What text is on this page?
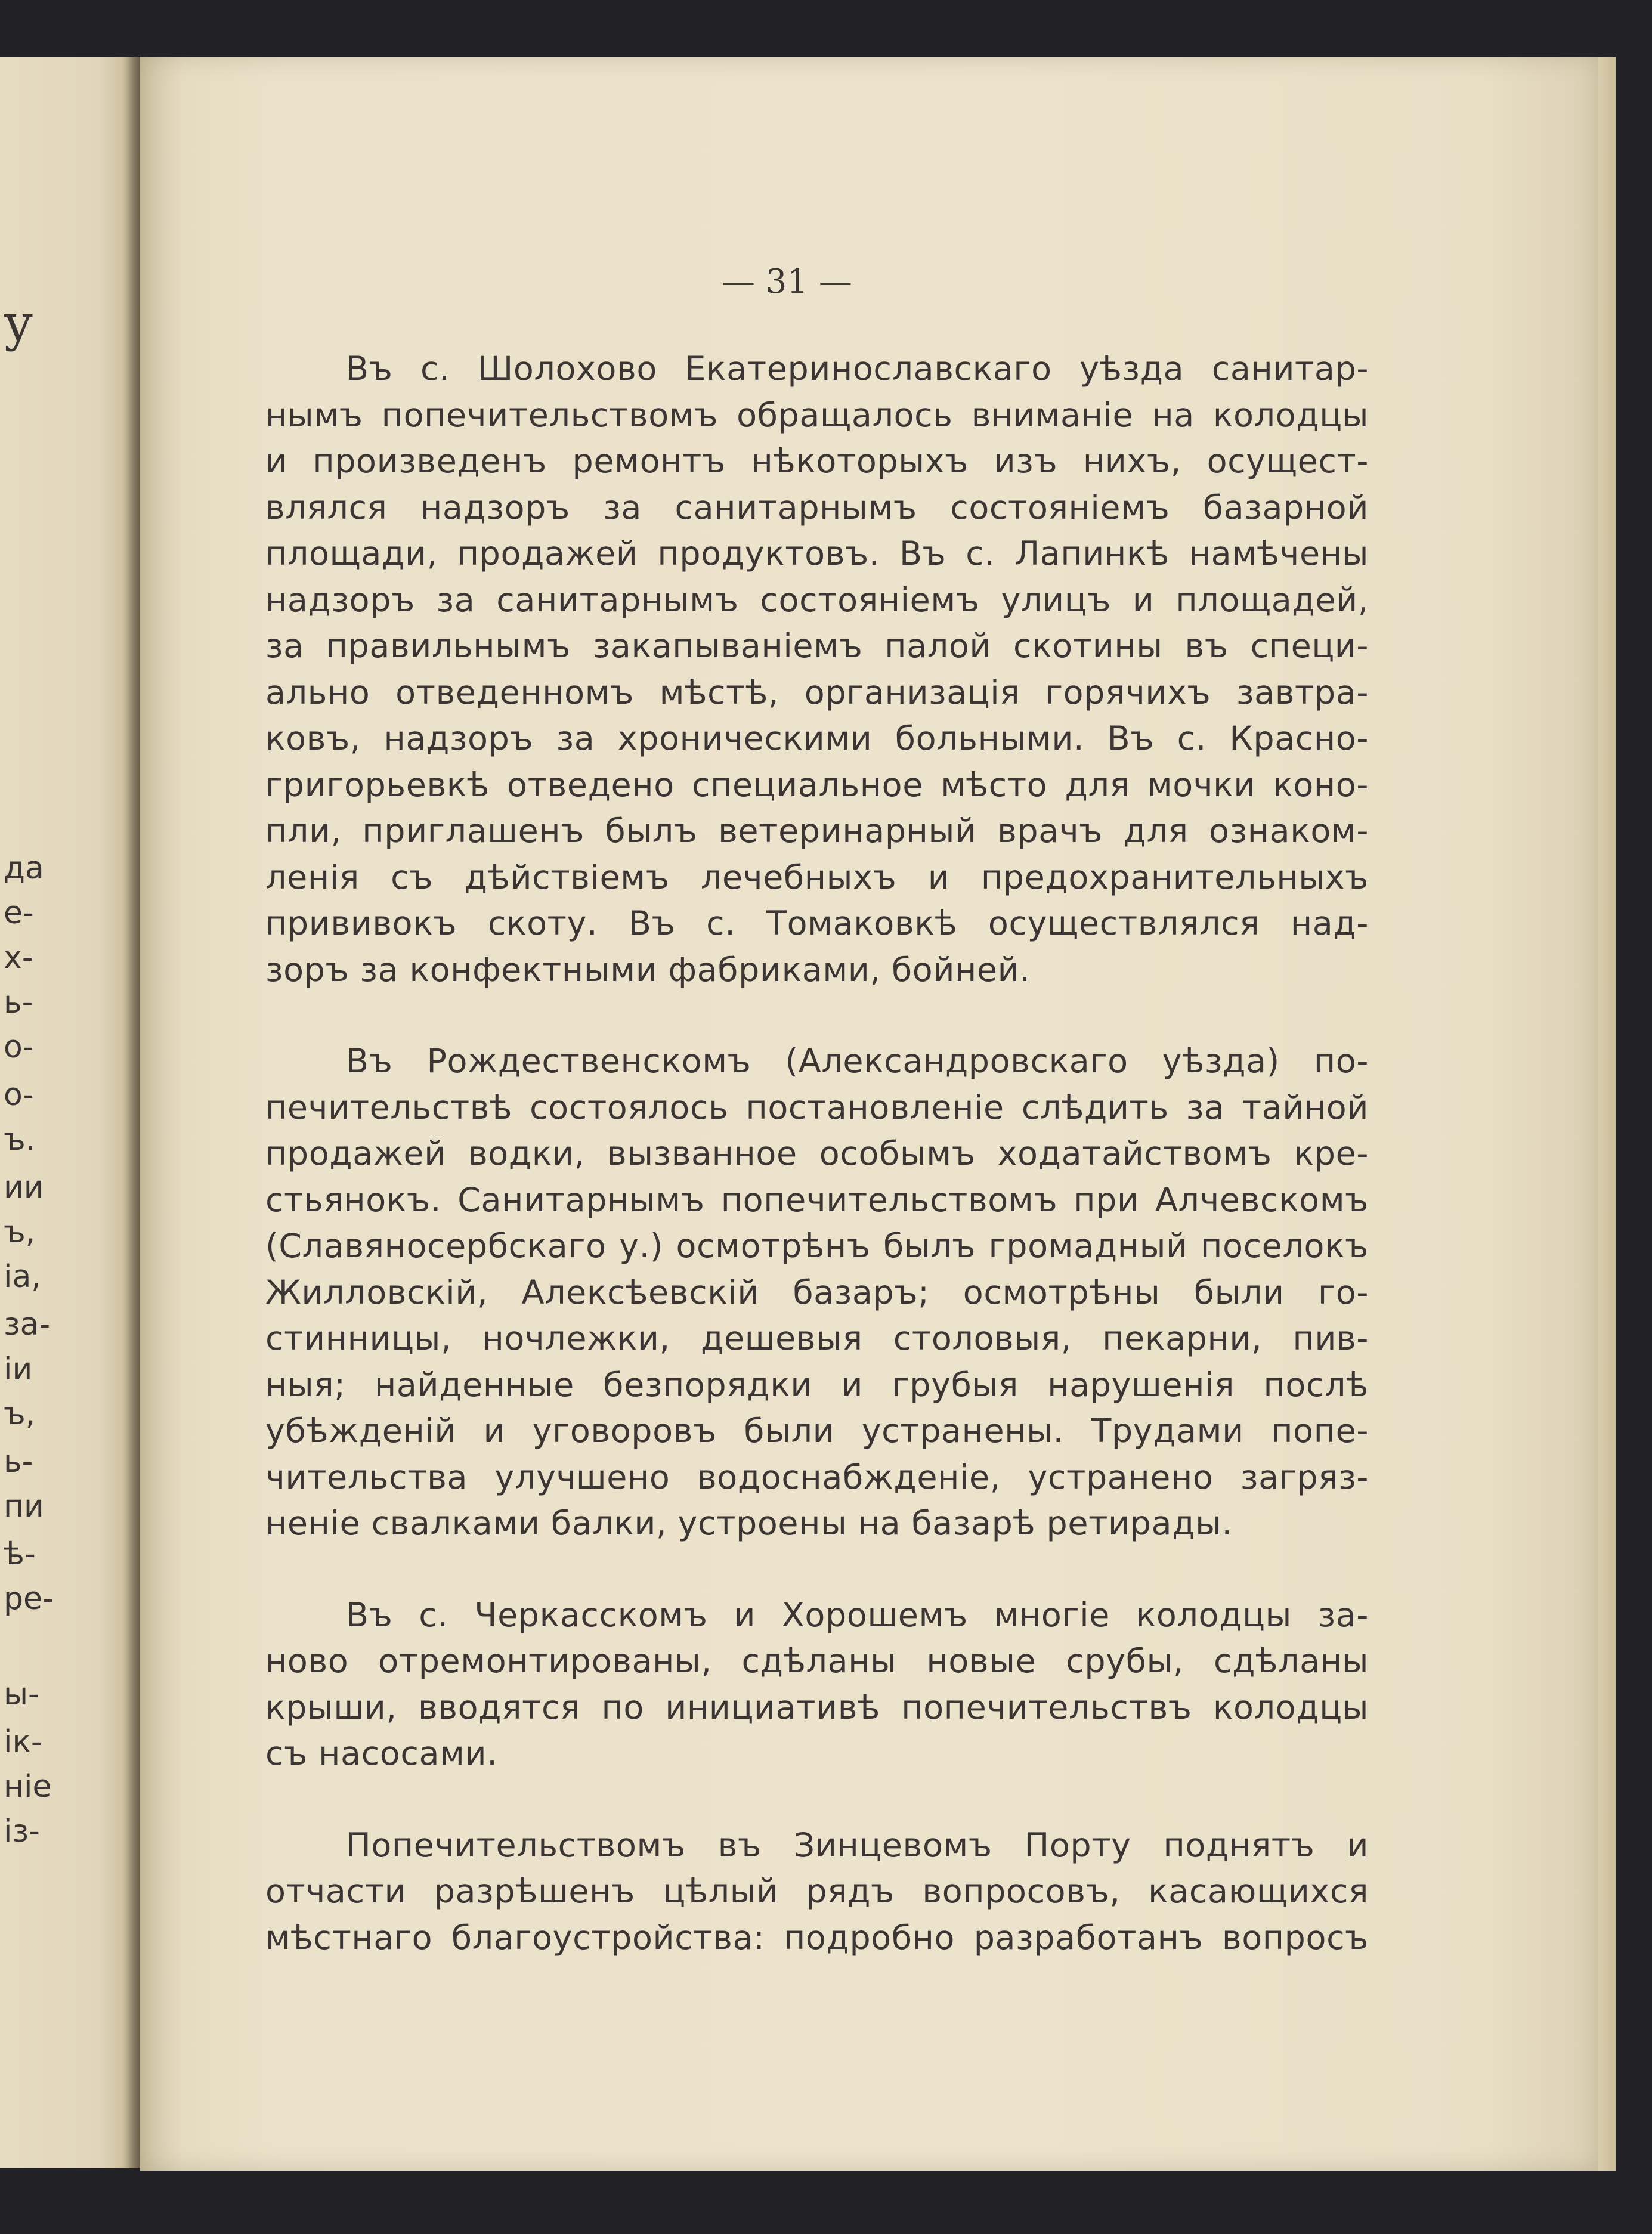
у
да
е-
х-
ь-
о-
о-
ъ.
ии
ъ,
іа,
за-
іи
ъ,
ь-
пи
ѣ-
ре-
ы-
ік-
ніе
із-
— 31 —
Въ с. Шолохово Екатеринославскаго уѣзда санитар-
нымъ попечительствомъ обращалось вниманіе на колодцы
и произведенъ ремонтъ нѣкоторыхъ изъ нихъ, осущест-
влялся надзоръ за санитарнымъ состояніемъ базарной
площади, продажей продуктовъ. Въ с. Лапинкѣ намѣчены
надзоръ за санитарнымъ состояніемъ улицъ и площадей,
за правильнымъ закапываніемъ палой скотины въ специ-
ально отведенномъ мѣстѣ, организація горячихъ завтра-
ковъ, надзоръ за хроническими больными. Въ с. Красно-
григорьевкѣ отведено специальное мѣсто для мочки коно-
пли, приглашенъ былъ ветеринарный врачъ для ознаком-
ленія съ дѣйствіемъ лечебныхъ и предохранительныхъ
прививокъ скоту. Въ с. Томаковкѣ осуществлялся над-
зоръ за конфектными фабриками, бойней.
Въ Рождественскомъ (Александровскаго уѣзда) по-
печительствѣ состоялось постановленіе слѣдить за тайной
продажей водки, вызванное особымъ ходатайствомъ кре-
стьянокъ. Санитарнымъ попечительствомъ при Алчевскомъ
(Славяносербскаго у.) осмотрѣнъ былъ громадный поселокъ
Жилловскій, Алексѣевскій базаръ; осмотрѣны были го-
стинницы, ночлежки, дешевыя столовыя, пекарни, пив-
ныя; найденные безпорядки и грубыя нарушенія послѣ
убѣжденій и уговоровъ были устранены. Трудами попе-
чительства улучшено водоснабжденіе, устранено загряз-
неніе свалками балки, устроены на базарѣ ретирады.
Въ с. Черкасскомъ и Хорошемъ многіе колодцы за-
ново отремонтированы, сдѣланы новые срубы, сдѣланы
крыши, вводятся по инициативѣ попечительствъ колодцы
съ насосами.
Попечительствомъ въ Зинцевомъ Порту поднятъ и
отчасти разрѣшенъ цѣлый рядъ вопросовъ, касающихся
мѣстнаго благоустройства: подробно разработанъ вопросъ
